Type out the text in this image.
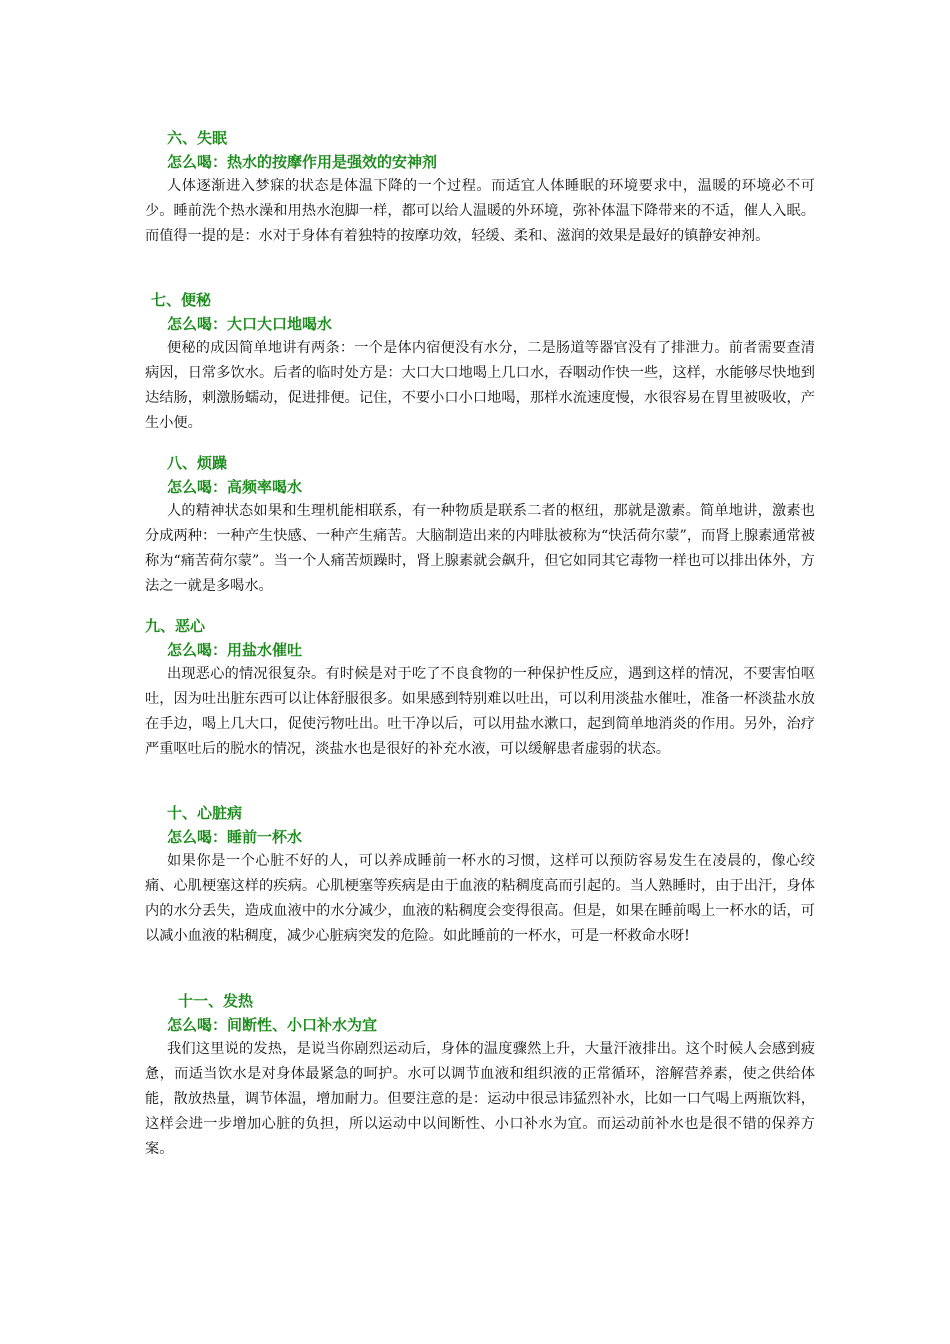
六、失眠
怎么喝：热水的按摩作用是强效的安神剂

人体逐渐进入梦寐的状态是体温下降的一个过程。而适宜人体睡眠的环境要求中，温暖的环境必不可少。睡前洗个热水澡和用热水泡脚一样，都可以给人温暖的外环境，弥补体温下降带来的不适，催人入眠。而值得一提的是：水对于身体有着独特的按摩功效，轻缓、柔和、滋润的效果是最好的镇静安神剂。

七、便秘
怎么喝：大口大口地喝水

便秘的成因简单地讲有两条：一个是体内宿便没有水分，二是肠道等器官没有了排泄力。前者需要查清病因，日常多饮水。后者的临时处方是：大口大口地喝上几口水，吞咽动作快一些，这样，水能够尽快地到达结肠，刺激肠蠕动，促进排便。记住，不要小口小口地喝，那样水流速度慢，水很容易在胃里被吸收，产生小便。

八、烦躁
怎么喝：高频率喝水

人的精神状态如果和生理机能相联系，有一种物质是联系二者的枢纽，那就是激素。简单地讲，激素也分成两种：一种产生快感、一种产生痛苦。大脑制造出来的内啡肽被称为“快活荷尔蒙”，而肾上腺素通常被称为“痛苦荷尔蒙”。当一个人痛苦烦躁时，肾上腺素就会飙升，但它如同其它毒物一样也可以排出体外，方法之一就是多喝水。

九、恶心
怎么喝：用盐水催吐

出现恶心的情况很复杂。有时候是对于吃了不良食物的一种保护性反应，遇到这样的情况，不要害怕呕吐，因为吐出脏东西可以让体舒服很多。如果感到特别难以吐出，可以利用淡盐水催吐，准备一杯淡盐水放在手边，喝上几大口，促使污物吐出。吐干净以后，可以用盐水漱口，起到简单地消炎的作用。另外，治疗严重呕吐后的脱水的情况，淡盐水也是很好的补充水液，可以缓解患者虚弱的状态。

十、心脏病
怎么喝：睡前一杯水

如果你是一个心脏不好的人，可以养成睡前一杯水的习惯，这样可以预防容易发生在凌晨的，像心绞痛、心肌梗塞这样的疾病。心肌梗塞等疾病是由于血液的粘稠度高而引起的。当人熟睡时，由于出汗，身体内的水分丢失，造成血液中的水分减少，血液的粘稠度会变得很高。但是，如果在睡前喝上一杯水的话，可以减小血液的粘稠度，减少心脏病突发的危险。如此睡前的一杯水，可是一杯救命水呀!

十一、发热
怎么喝：间断性、小口补水为宜

我们这里说的发热，是说当你剧烈运动后，身体的温度骤然上升，大量汗液排出。这个时候人会感到疲惫，而适当饮水是对身体最紧急的呵护。水可以调节血液和组织液的正常循环，溶解营养素，使之供给体能，散放热量，调节体温，增加耐力。但要注意的是：运动中很忌讳猛烈补水，比如一口气喝上两瓶饮料，这样会进一步增加心脏的负担，所以运动中以间断性、小口补水为宜。而运动前补水也是很不错的保养方案。
